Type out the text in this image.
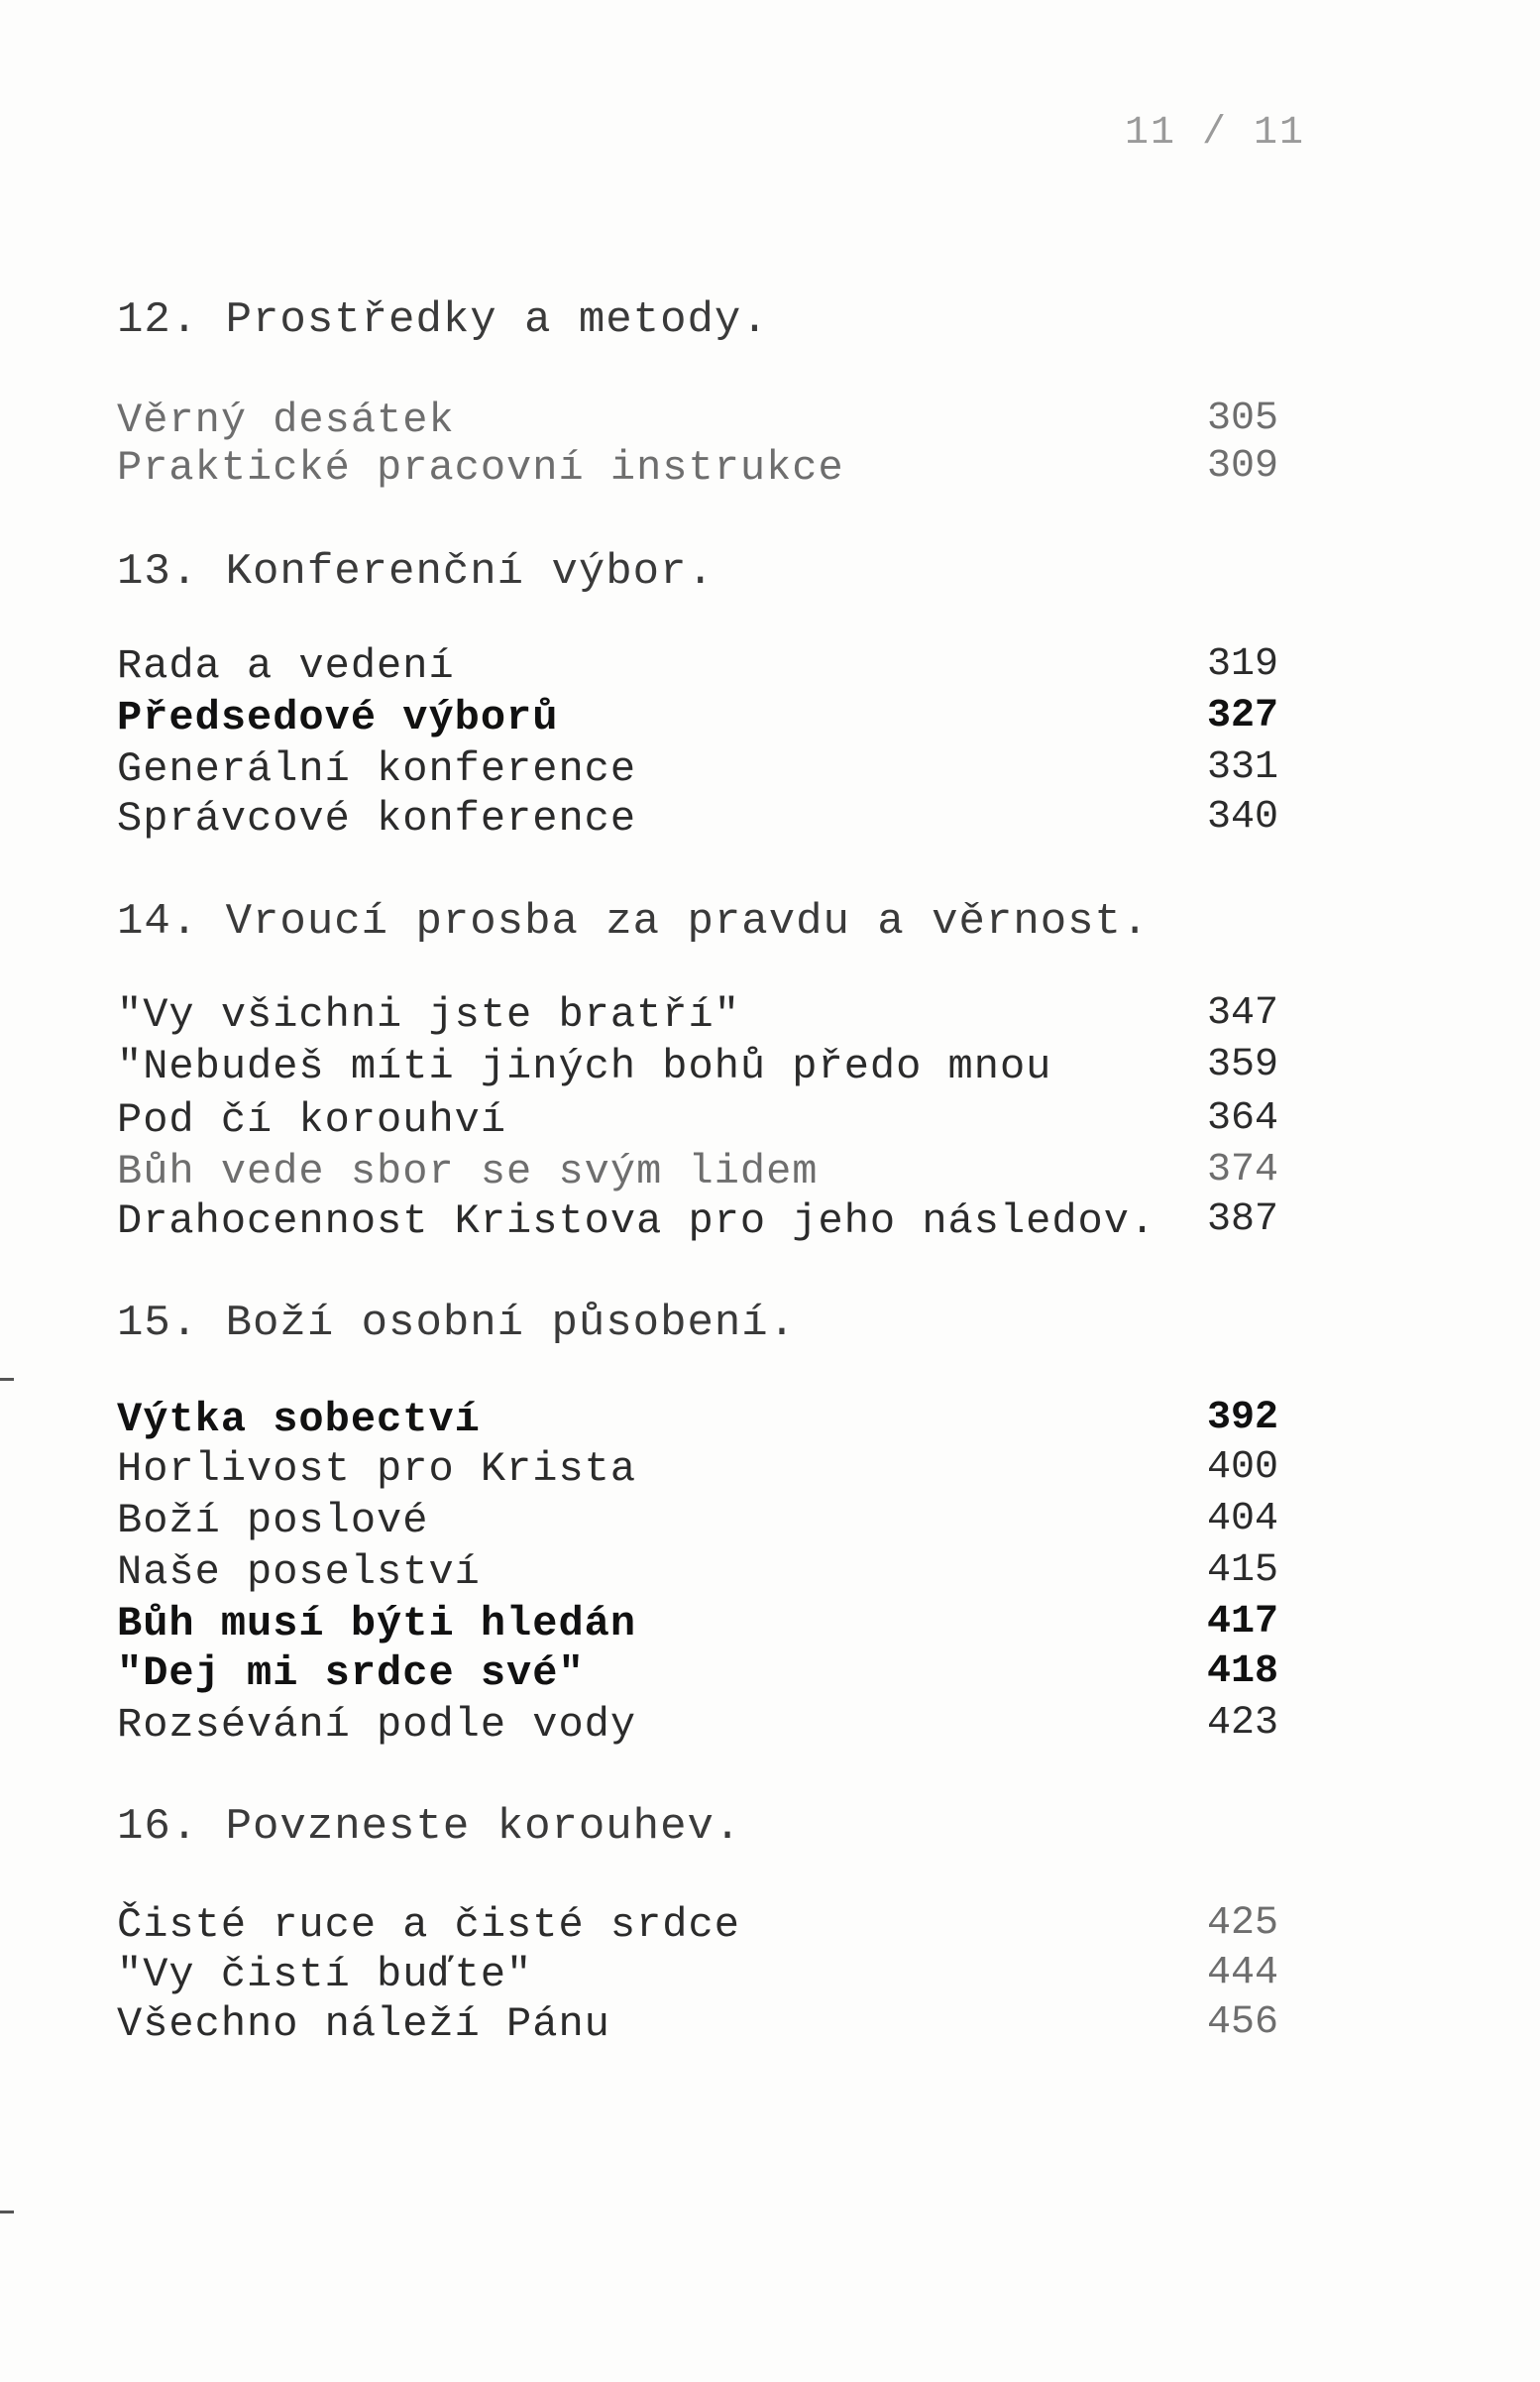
11 / 11
12. Prostředky a metody.
Věrný desátek	305
Praktické pracovní instrukce	309
13. Konferenční výbor.
Rada a vedení	319
Předsedové výborů	327
Generální konference	331
Správcové konference	340
14. Vroucí prosba za pravdu a věrnost.
"Vy všichni jste bratří"	347
"Nebudeš míti jiných bohů předo mnou	359
Pod čí korouhví	364
Bůh vede sbor se svým lidem	374
Drahocennost Kristova pro jeho následov. 387
15. Boží osobní působení.
Výtka sobectví	392
Horlivost pro Krista	400
Boží poslové	404
Naše poselství	415
Bůh musí býti hledán	417
"Dej mi srdce své"	418
Rozsévání podle vody	423
16. Povzneste korouhev.
Čisté ruce a čisté srdce	425
"Vy čistí buďte"	444
Všechno náleží Pánu	456
